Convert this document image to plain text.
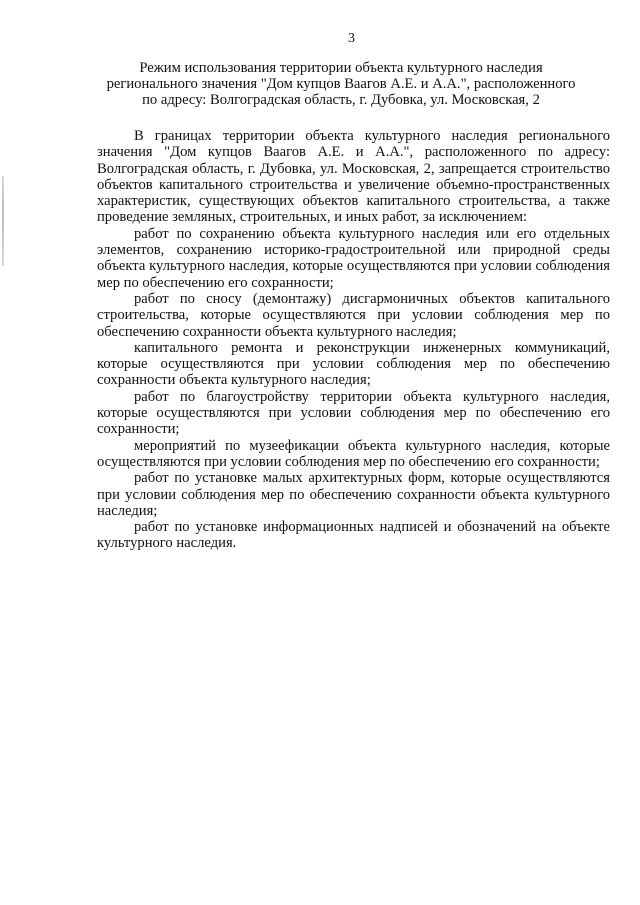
3
Режим использования территории объекта культурного наследия
регионального значения "Дом купцов Ваагов А.Е. и А.А.", расположенного
по адресу: Волгоградская область, г. Дубовка, ул. Московская, 2

В границах территории объекта культурного наследия регионального значения "Дом купцов Ваагов А.Е. и А.А.", расположенного по адресу: Волгоградская область, г. Дубовка, ул. Московская, 2, запрещается строительство объектов капитального строительства и увеличение объемно-пространственных характеристик, существующих объектов капитального строительства, а также проведение земляных, строительных, и иных работ, за исключением:

работ по сохранению объекта культурного наследия или его отдельных элементов, сохранению историко-градостроительной или природной среды объекта культурного наследия, которые осуществляются при условии соблюдения мер по обеспечению его сохранности;

работ по сносу (демонтажу) дисгармоничных объектов капитального строительства, которые осуществляются при условии соблюдения мер по обеспечению сохранности объекта культурного наследия;

капитального ремонта и реконструкции инженерных коммуникаций, которые осуществляются при условии соблюдения мер по обеспечению сохранности объекта культурного наследия;

работ по благоустройству территории объекта культурного наследия, которые осуществляются при условии соблюдения мер по обеспечению его сохранности;

мероприятий по музеефикации объекта культурного наследия, которые осуществляются при условии соблюдения мер по обеспечению его сохранности;

работ по установке малых архитектурных форм, которые осуществляются при условии соблюдения мер по обеспечению сохранности объекта культурного наследия;

работ по установке информационных надписей и обозначений на объекте культурного наследия.
